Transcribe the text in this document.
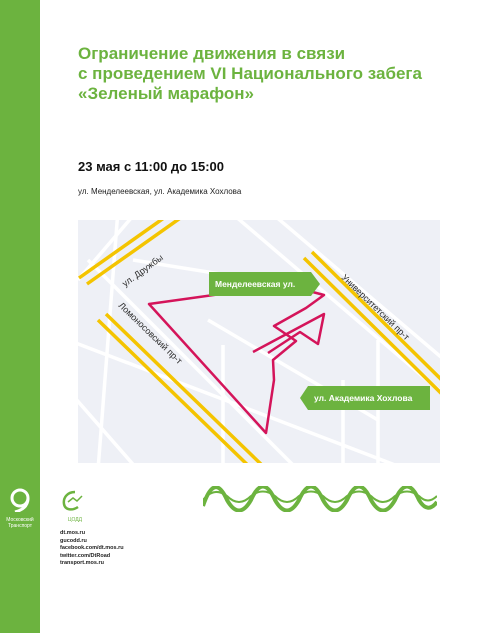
Ограничение движения в связи
с проведением VI Национального забега
«Зеленый марафон»
23 мая с 11:00 до 15:00
ул. Менделеевская, ул. Академика Хохлова
ул. Дружбы
Ломоносовский пр-т	Университетский пр-т
Менделеевская ул.
ул. Академика Хохлова
Московский
Транспорт
ЦОДД
dt.mos.ru
gucodd.ru
facebook.com/dt.mos.ru
twitter.com/DtRoad
transport.mos.ru
